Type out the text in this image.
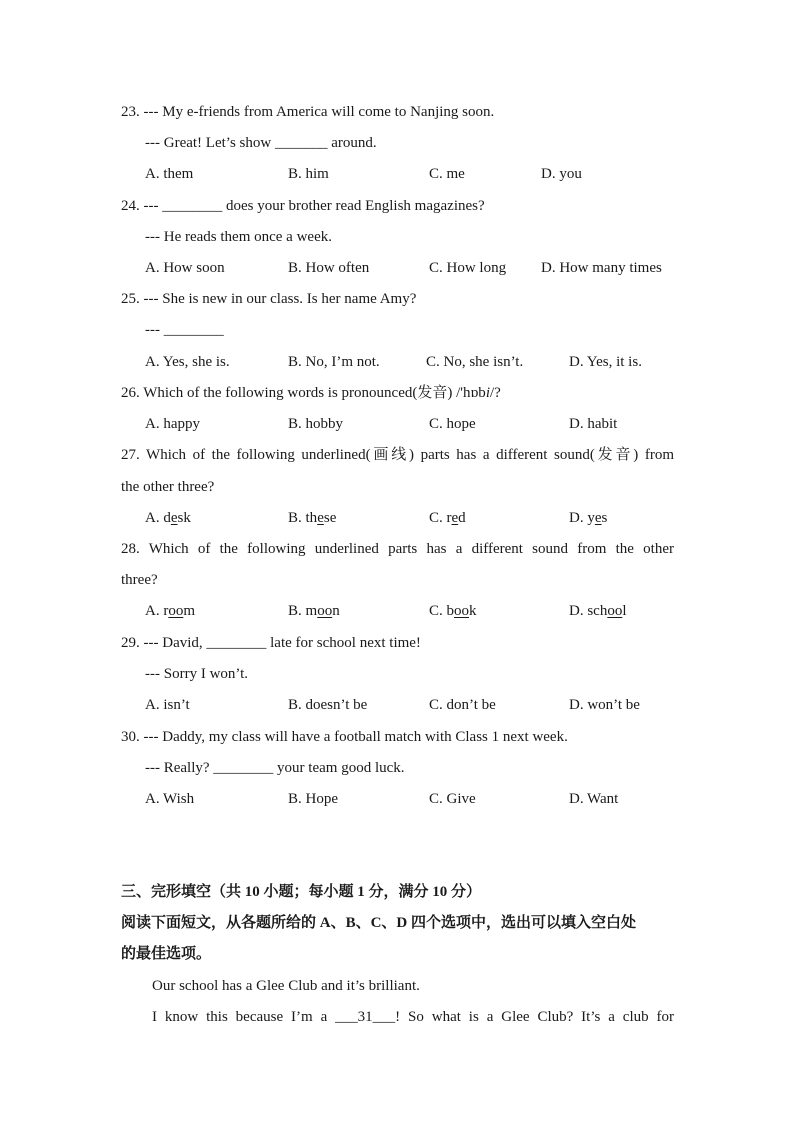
23. --- My e-friends from America will come to Nanjing soon.
--- Great! Let’s show _______ around.
A. them	B. him	C. me	D. you
24. --- ________ does your brother read English magazines?
--- He reads them once a week.
A. How soon	B. How often	C. How long D. How many times
25. --- She is new in our class. Is her name Amy?
--- ________
A. Yes, she is.	B. No, I’m not.	C. No, she isn’t.	D. Yes, it is.
26. Which of the following words is pronounced(发音) /'hɒbi/?
A. happy	B. hobby	C. hope	D. habit
27. Which of the following underlined(画线) parts has a different sound(发音) from
the other three?
A. desk	B. these	C. red	D. yes
28. Which of the following underlined parts has a different sound from the other
three?
A. room	B. moon	C. book	D. school
29. --- David, ________ late for school next time!
--- Sorry I won’t.
A. isn’t	B. doesn’t be	C. don’t be	D. won’t be
30. --- Daddy, my class will have a football match with Class 1 next week.
--- Really? ________ your team good luck.
A. Wish	B. Hope	C. Give	D. Want
三、完形填空（共 10 小题；每小题 1 分，满分 10 分）
阅读下面短文，从各题所给的 A、B、C、D 四个选项中，选出可以填入空白处
的最佳选项。
Our school has a Glee Club and it’s brilliant.
I know this because I’m a ___31___! So what is a Glee Club? It’s a club for
